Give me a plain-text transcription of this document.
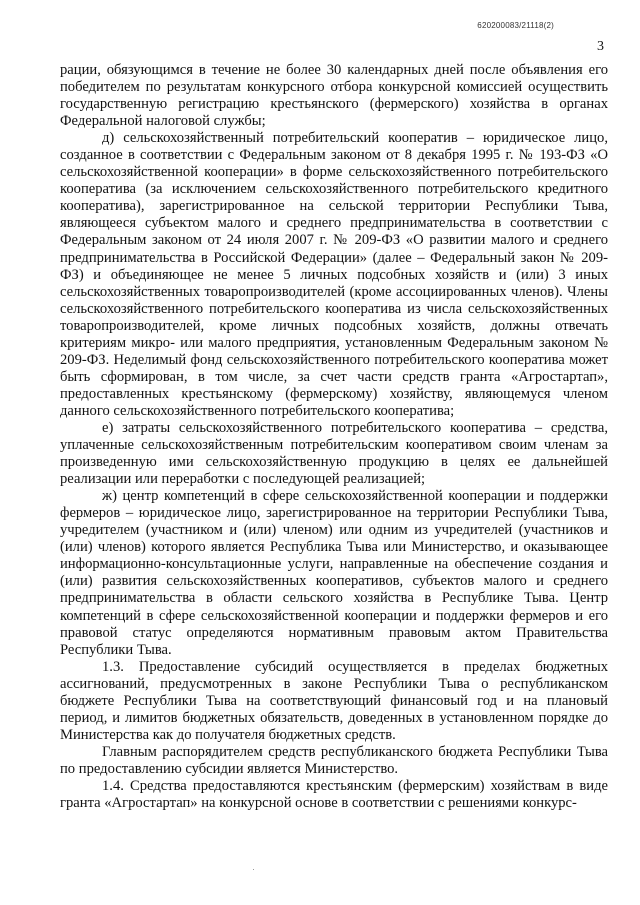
620200083/21118(2)
3

рации, обязующимся в течение не более 30 календарных дней после объявления его победителем по результатам конкурсного отбора конкурсной комиссией осуществить государственную регистрацию крестьянского (фермерского) хозяйства в органах Федеральной налоговой службы;

д) сельскохозяйственный потребительский кооператив – юридическое лицо, созданное в соответствии с Федеральным законом от 8 декабря 1995 г. № 193-ФЗ «О сельскохозяйственной кооперации» в форме сельскохозяйственного потребительского кооператива (за исключением сельскохозяйственного потребительского кредитного кооператива), зарегистрированное на сельской территории Республики Тыва, являющееся субъектом малого и среднего предпринимательства в соответствии с Федеральным законом от 24 июля 2007 г. № 209-ФЗ «О развитии малого и среднего предпринимательства в Российской Федерации» (далее – Федеральный закон № 209-ФЗ) и объединяющее не менее 5 личных подсобных хозяйств и (или) 3 иных сельскохозяйственных товаропроизводителей (кроме ассоциированных членов). Члены сельскохозяйственного потребительского кооператива из числа сельскохозяйственных товаропроизводителей, кроме личных подсобных хозяйств, должны отвечать критериям микро- или малого предприятия, установленным Федеральным законом № 209-ФЗ. Неделимый фонд сельскохозяйственного потребительского кооператива может быть сформирован, в том числе, за счет части средств гранта «Агростартап», предоставленных крестьянскому (фермерскому) хозяйству, являющемуся членом данного сельскохозяйственного потребительского кооператива;

е) затраты сельскохозяйственного потребительского кооператива – средства, уплаченные сельскохозяйственным потребительским кооперативом своим членам за произведенную ими сельскохозяйственную продукцию в целях ее дальнейшей реализации или переработки с последующей реализацией;

ж) центр компетенций в сфере сельскохозяйственной кооперации и поддержки фермеров – юридическое лицо, зарегистрированное на территории Республики Тыва, учредителем (участником и (или) членом) или одним из учредителей (участников и (или) членов) которого является Республика Тыва или Министерство, и оказывающее информационно-консультационные услуги, направленные на обеспечение создания и (или) развития сельскохозяйственных кооперативов, субъектов малого и среднего предпринимательства в области сельского хозяйства в Республике Тыва. Центр компетенций в сфере сельскохозяйственной кооперации и поддержки фермеров и его правовой статус определяются нормативным правовым актом Правительства Республики Тыва.

1.3. Предоставление субсидий осуществляется в пределах бюджетных ассигнований, предусмотренных в законе Республики Тыва о республиканском бюджете Республики Тыва на соответствующий финансовый год и на плановый период, и лимитов бюджетных обязательств, доведенных в установленном порядке до Министерства как до получателя бюджетных средств.

Главным распорядителем средств республиканского бюджета Республики Тыва по предоставлению субсидии является Министерство.

1.4. Средства предоставляются крестьянским (фермерским) хозяйствам в виде гранта «Агростартап» на конкурсной основе в соответствии с решениями конкурс-
